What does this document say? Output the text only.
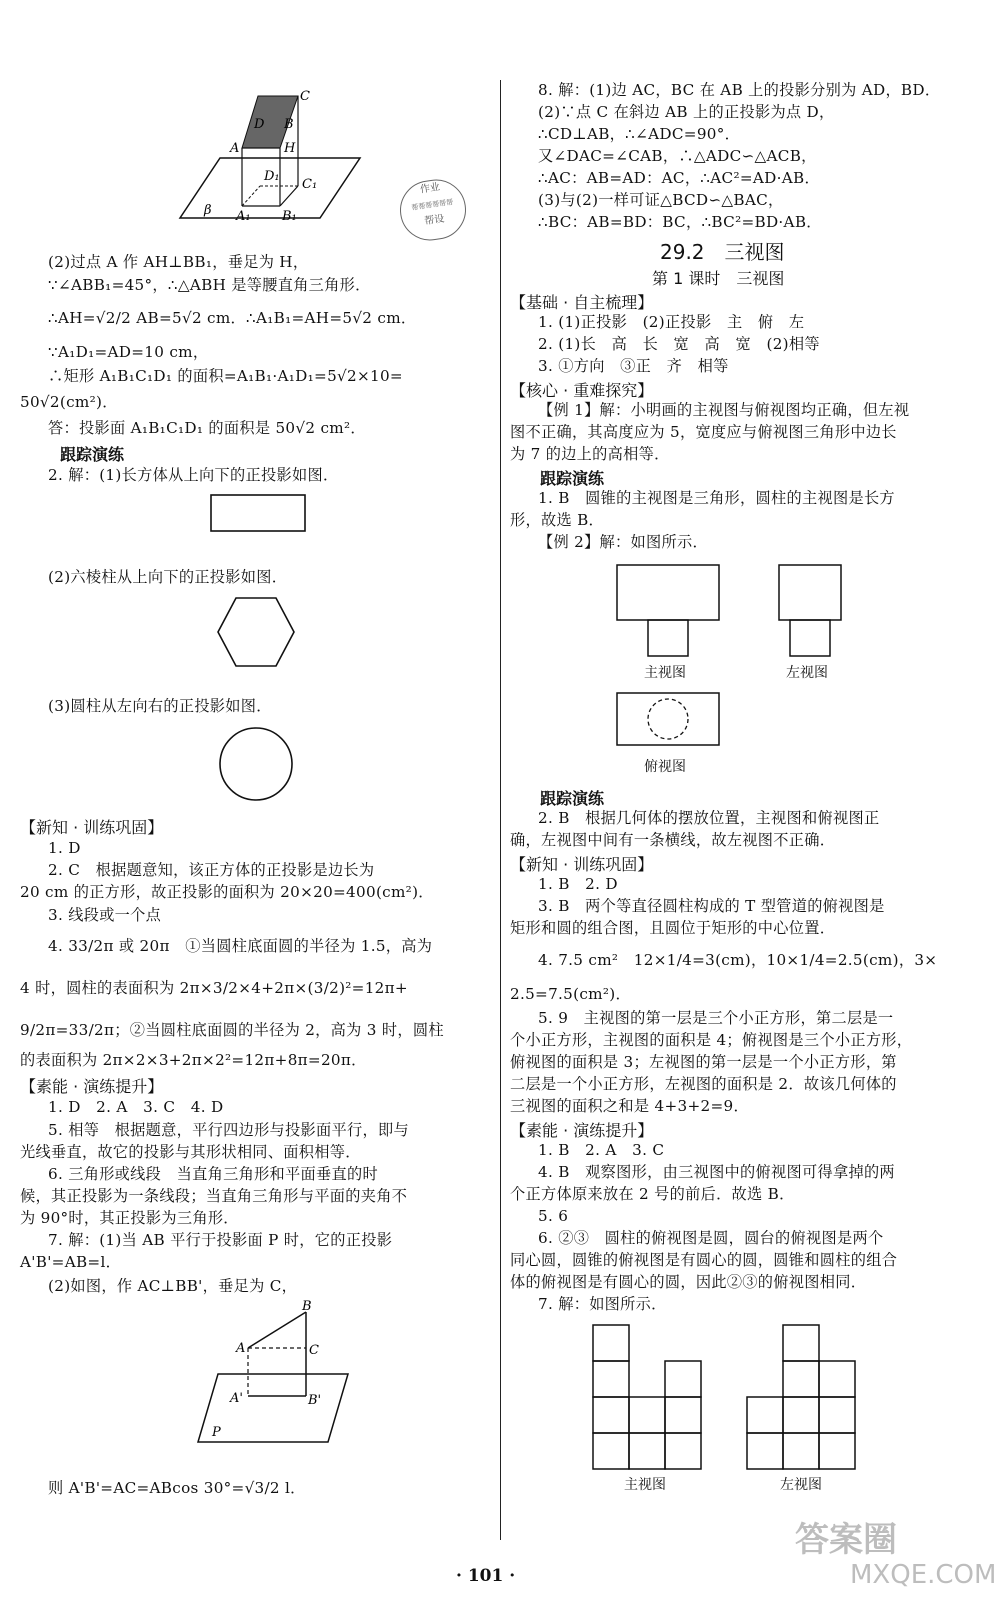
C
D B
A	H
D₁
C₁
A₁ B₁
β
作业
帮帮帮帮帮帮
帮设
(2)过点 A 作 AH⊥BB₁，垂足为 H，
∵∠ABB₁=45°，∴△ABH 是等腰直角三角形．
∴AH=√2/2 AB=5√2 cm．∴A₁B₁=AH=5√2 cm．
∵A₁D₁=AD=10 cm，
∴矩形 A₁B₁C₁D₁ 的面积=A₁B₁·A₁D₁=5√2×10=
50√2(cm²)．
答：投影面 A₁B₁C₁D₁ 的面积是 50√2 cm²．
跟踪演练
2. 解：(1)长方体从上向下的正投影如图．
(2)六棱柱从上向下的正投影如图．
(3)圆柱从左向右的正投影如图．
【新知 · 训练巩固】
1. D
2. C　根据题意知，该正方体的正投影是边长为
20 cm 的正方形，故正投影的面积为 20×20=400(cm²)．
3. 线段或一个点
4. 33/2π 或 20π　①当圆柱底面圆的半径为 1.5，高为
4 时，圆柱的表面积为 2π×3/2×4+2π×(3/2)²=12π+
9/2π=33/2π；②当圆柱底面圆的半径为 2，高为 3 时，圆柱
的表面积为 2π×2×3+2π×2²=12π+8π=20π．
【素能 · 演练提升】
1. D　2. A　3. C　4. D
5. 相等　根据题意，平行四边形与投影面平行，即与
光线垂直，故它的投影与其形状相同、面积相等．
6. 三角形或线段　当直角三角形和平面垂直的时
候，其正投影为一条线段；当直角三角形与平面的夹角不
为 90°时，其正投影为三角形．
7. 解：(1)当 AB 平行于投影面 P 时，它的正投影
A'B'=AB=l．
(2)如图，作 AC⊥BB'，垂足为 C，
B
A	C
A'	B'
P
则 A'B'=AC=ABcos 30°=√3/2 l．
8. 解：(1)边 AC，BC 在 AB 上的投影分别为 AD，BD．
(2)∵点 C 在斜边 AB 上的正投影为点 D，
∴CD⊥AB，∴∠ADC=90°．
又∠DAC=∠CAB，∴△ADC∽△ACB，
∴AC：AB=AD：AC，∴AC²=AD·AB．
(3)与(2)一样可证△BCD∽△BAC，
∴BC：AB=BD：BC，∴BC²=BD·AB．
29.2　三视图
第 1 课时　三视图
【基础 · 自主梳理】
1. (1)正投影　(2)正投影　主　俯　左
2. (1)长　高　长　宽　高　宽　(2)相等
3. ①方向　③正　齐　相等
【核心 · 重难探究】
【例 1】解：小明画的主视图与俯视图均正确，但左视
图不正确，其高度应为 5，宽度应与俯视图三角形中边长
为 7 的边上的高相等．
跟踪演练
1. B　圆锥的主视图是三角形，圆柱的主视图是长方
形，故选 B．
【例 2】解：如图所示．
主视图	左视图
俯视图
跟踪演练
2. B　根据几何体的摆放位置，主视图和俯视图正
确，左视图中间有一条横线，故左视图不正确．
【新知 · 训练巩固】
1. B　2. D
3. B　两个等直径圆柱构成的 T 型管道的俯视图是
矩形和圆的组合图，且圆位于矩形的中心位置．
4. 7.5 cm²　12×1/4=3(cm)，10×1/4=2.5(cm)，3×
2.5=7.5(cm²)．
5. 9　主视图的第一层是三个小正方形，第二层是一
个小正方形，主视图的面积是 4；俯视图是三个小正方形，
俯视图的面积是 3；左视图的第一层是一个小正方形，第
二层是一个小正方形，左视图的面积是 2．故该几何体的
三视图的面积之和是 4+3+2=9．
【素能 · 演练提升】
1. B　2. A　3. C
4. B　观察图形，由三视图中的俯视图可得拿掉的两
个正方体原来放在 2 号的前后．故选 B．
5. 6
6. ②③　圆柱的俯视图是圆，圆台的俯视图是两个
同心圆，圆锥的俯视图是有圆心的圆，圆锥和圆柱的组合
体的俯视图是有圆心的圆，因此②③的俯视图相同．
7. 解：如图所示．
主视图	左视图
· 101 ·
答案圈
MXQE.COM
